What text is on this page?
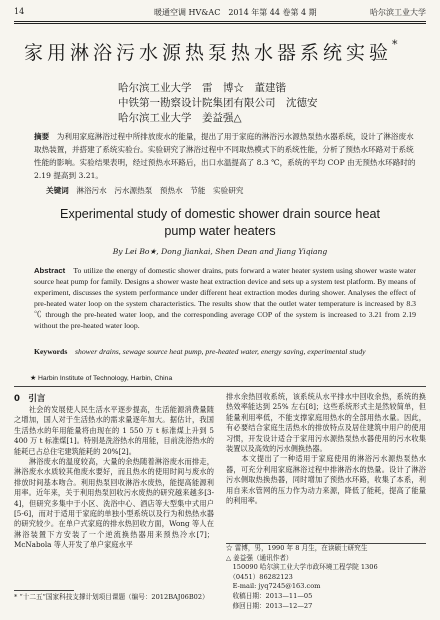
14	暖通空调 HV&AC　2014 年第 44 卷第 4 期	哈尔滨工业大学
家用淋浴污水源热泵热水器系统实验*
哈尔滨工业大学　雷　博☆　董建锴
中铁第一勘察设计院集团有限公司　沈德安
哈尔滨工业大学　姜益强△
摘要　为利用家庭淋浴过程中所排放废水的能量，提出了用于家庭的淋浴污水源热泵热水器系统，设计了淋浴废水取热装置，并搭建了系统实验台。实验研究了淋浴过程中不同取热模式下的系统性能，分析了预热水环路对于系统性能的影响。实验结果表明，经过预热水环路后，出口水温提高了 8.3 ℃，系统的平均 COP 由无预热水环路时的 2.19 提高到 3.21。
关键词　淋浴污水　污水源热泵　预热水　节能　实验研究
Experimental study of domestic shower drain source heat pump water heaters
By Lei Bo★, Dong Jiankai, Shen Dean and Jiang Yiqiang
Abstract　To utilize the energy of domestic shower drains, puts forward a water heater system using shower waste water source heat pump for family. Designs a shower waste heat extraction device and sets up a system test platform. By means of experiment, discusses the system performance under different heat extraction modes during shower. Analyses the effect of pre-heated water loop on the system characteristics. The results show that the outlet water temperature is increased by 8.3 ℃ through the pre-heated water loop, and the corresponding average COP of the system is increased to 3.21 from 2.19 without the pre-heated water loop.
Keywords　shower drains, sewage source heat pump, pre-heated water, energy saving, experimental study
★ Harbin Institute of Technology, Harbin, China
0　引言
　　社会的发展使人民生活水平逐步提高，生活能源消费量随之增加，国人对于生活热水的需求量逐年加大。据估计，我国生活热水的年用能量将由现在的 1 550 万 t 标准煤上升到 5 400 万 t 标准煤[1]。特别是洗浴热水的用能，目前洗浴热水的能耗已占总住宅建筑能耗的 20%[2]。
　　淋浴废水的温度较高，大量的余热随着淋浴废水而排走，淋浴废水水质较其他废水要好，而且热水的使用时间与废水的排放时间基本吻合。利用热泵回收淋浴水废热，能提高能源利用率。近年来，关于利用热泵回收污水废热的研究越来越多[3-4]，但研究多集中于小区、洗浴中心、酒店等大型集中式用户[5-6]，而对于适用于家庭的单独小型系统以及行为和热热水器的研究较少。在单户式家庭的排水热回收方面，Wong 等人在淋浴装置下方安装了一个逆流换热器用来预热冷水[7]；McNabola 等人开发了单户家庭水平
* “十二五”国家科技支撑计划项目课题（编号：2012BAJ06B02）
排水余热回收系统，该系统从水平排水中回收余热，系统的换热效率能达到 25% 左右[8]；这些系统形式主是然较简单，但能量利用率低，不能支撑家庭用热水的全部用热水量。因此，有必要结合家庭生活热水的排放特点及居住建筑中用户的使用习惯，开发设计适合于家用污水源热泵热水器使用的污水收集装置以及高效的污水侧换热器。
　　本文提出了一种适用于家庭使用的淋浴污水源热泵热水器，可充分利用家庭淋浴过程中排淋浴水的热量。设计了淋浴污水侧取热换热器，同时增加了预热水环路，收集了本系，利用自来水管网的压力作为动力来源，降低了能耗，提高了能量的利用率。
☆ 雷博，男，1990 年 8 月生，在读硕士研究生
△ 姜益强（通讯作者）
　150090 哈尔滨工业大学市政环境工程学院 1306
　（0451）86282123
　E-mail: jyq7245@163.com
　收稿日期：2013—11—05
　修回日期：2013—12—27
